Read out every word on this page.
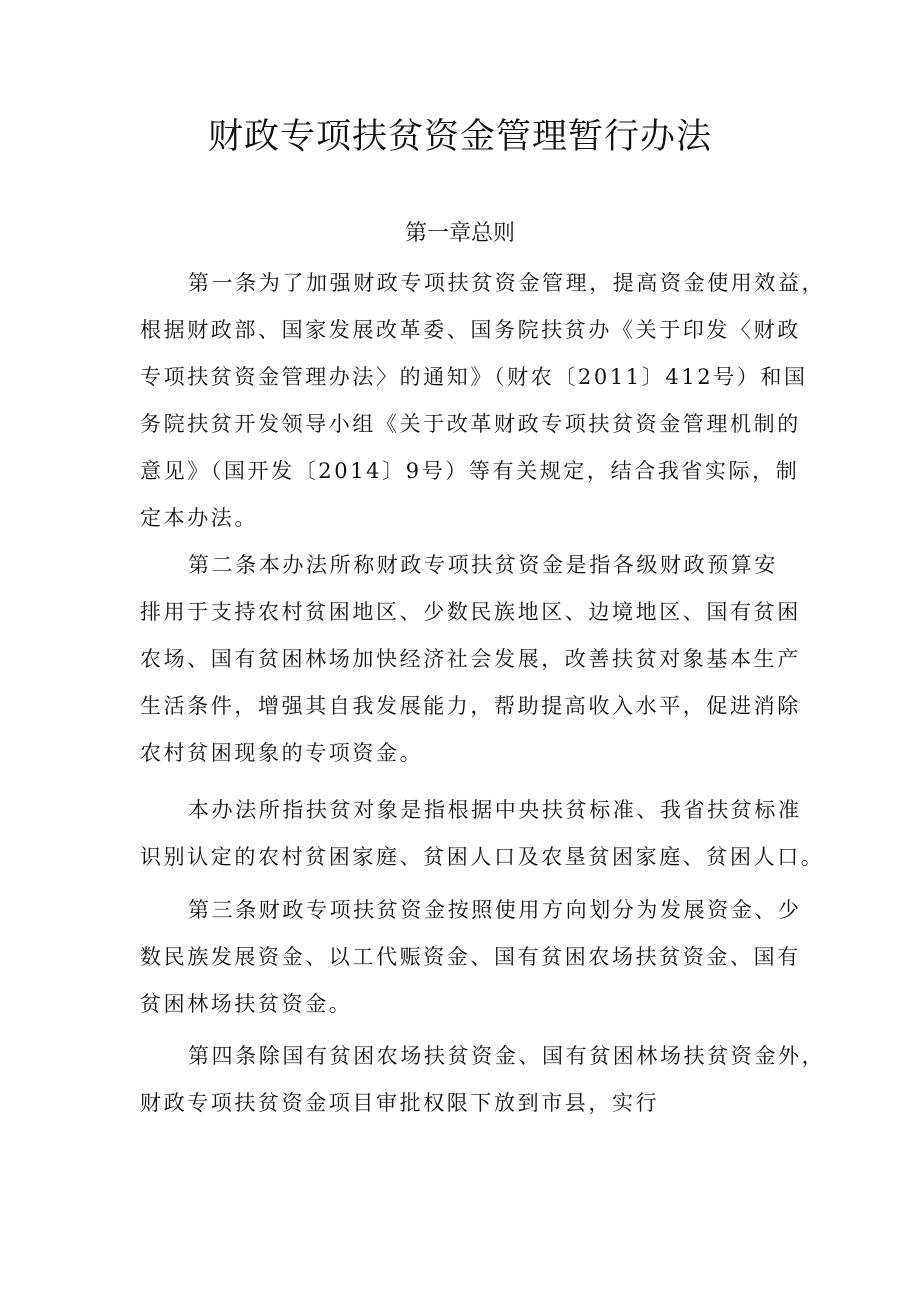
财政专项扶贫资金管理暂行办法
第一章总则
第一条为了加强财政专项扶贫资金管理，提高资金使用效益，
根据财政部、国家发展改革委、国务院扶贫办《关于印发〈财政
专项扶贫资金管理办法〉的通知》（财农〔2011〕412号）和国
务院扶贫开发领导小组《关于改革财政专项扶贫资金管理机制的
意见》（国开发〔2014〕9号）等有关规定，结合我省实际，制
定本办法。
第二条本办法所称财政专项扶贫资金是指各级财政预算安
排用于支持农村贫困地区、少数民族地区、边境地区、国有贫困
农场、国有贫困林场加快经济社会发展，改善扶贫对象基本生产
生活条件，增强其自我发展能力，帮助提高收入水平，促进消除
农村贫困现象的专项资金。
本办法所指扶贫对象是指根据中央扶贫标准、我省扶贫标准
识别认定的农村贫困家庭、贫困人口及农垦贫困家庭、贫困人口。
第三条财政专项扶贫资金按照使用方向划分为发展资金、少
数民族发展资金、以工代赈资金、国有贫困农场扶贫资金、国有
贫困林场扶贫资金。
第四条除国有贫困农场扶贫资金、国有贫困林场扶贫资金外，
财政专项扶贫资金项目审批权限下放到市县，实行
